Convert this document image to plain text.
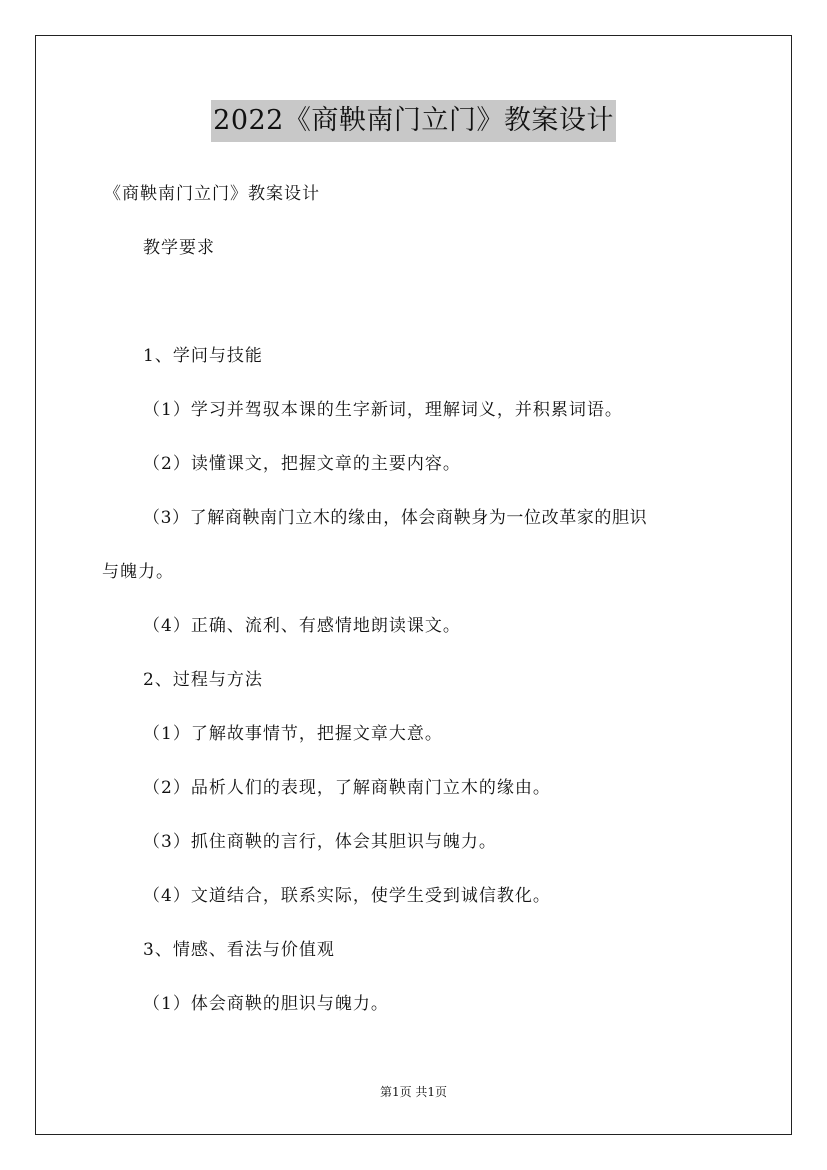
2022《商鞅南门立门》教案设计
《商鞅南门立门》教案设计
教学要求
1、学问与技能
（1）学习并驾驭本课的生字新词，理解词义，并积累词语。
（2）读懂课文，把握文章的主要内容。
（3）了解商鞅南门立木的缘由，体会商鞅身为一位改革家的胆识
与魄力。
（4）正确、流利、有感情地朗读课文。
2、过程与方法
（1）了解故事情节，把握文章大意。
（2）品析人们的表现，了解商鞅南门立木的缘由。
（3）抓住商鞅的言行，体会其胆识与魄力。
（4）文道结合，联系实际，使学生受到诚信教化。
3、情感、看法与价值观
（1）体会商鞅的胆识与魄力。
第1页 共1页
